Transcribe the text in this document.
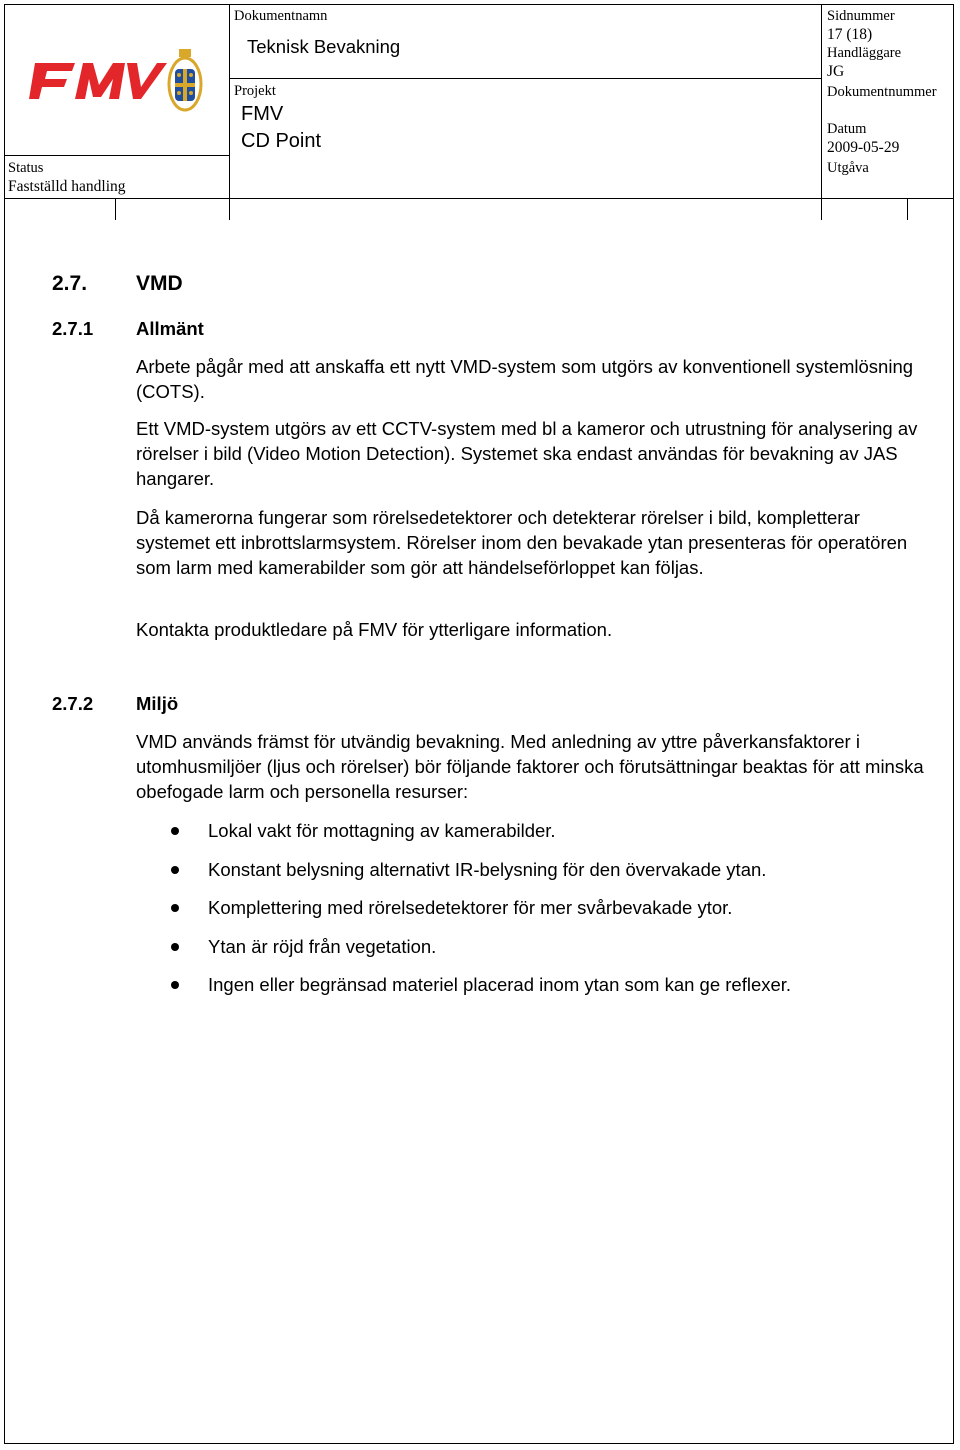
Status
Fastställd handling
Dokumentnamn
Teknisk Bevakning
Projekt
FMV
CD Point
Sidnummer
17 (18)
Handläggare
JG
Dokumentnummer
Datum
2009-05-29
Utgåva
2.7. VMD
2.7.1 Allmänt

Arbete pågår med att anskaffa ett nytt VMD-system som utgörs av konventionell systemlösning (COTS).

Ett VMD-system utgörs av ett CCTV-system med bl a kameror och utrustning för analysering av rörelser i bild (Video Motion Detection). Systemet ska endast användas för bevakning av JAS hangarer.

Då kamerorna fungerar som rörelsedetektorer och detekterar rörelser i bild, kompletterar systemet ett inbrottslarmsystem. Rörelser inom den bevakade ytan presenteras för operatören som larm med kamerabilder som gör att händelseförloppet kan följas.

Kontakta produktledare på FMV för ytterligare information.

2.7.2 Miljö

VMD används främst för utvändig bevakning. Med anledning av yttre påverkansfaktorer i utomhusmiljöer (ljus och rörelser) bör följande faktorer och förutsättningar beaktas för att minska obefogade larm och personella resurser:

Lokal vakt för mottagning av kamerabilder.
Konstant belysning alternativt IR-belysning för den övervakade ytan.
Komplettering med rörelsedetektorer för mer svårbevakade ytor.
Ytan är röjd från vegetation.
Ingen eller begränsad materiel placerad inom ytan som kan ge reflexer.
